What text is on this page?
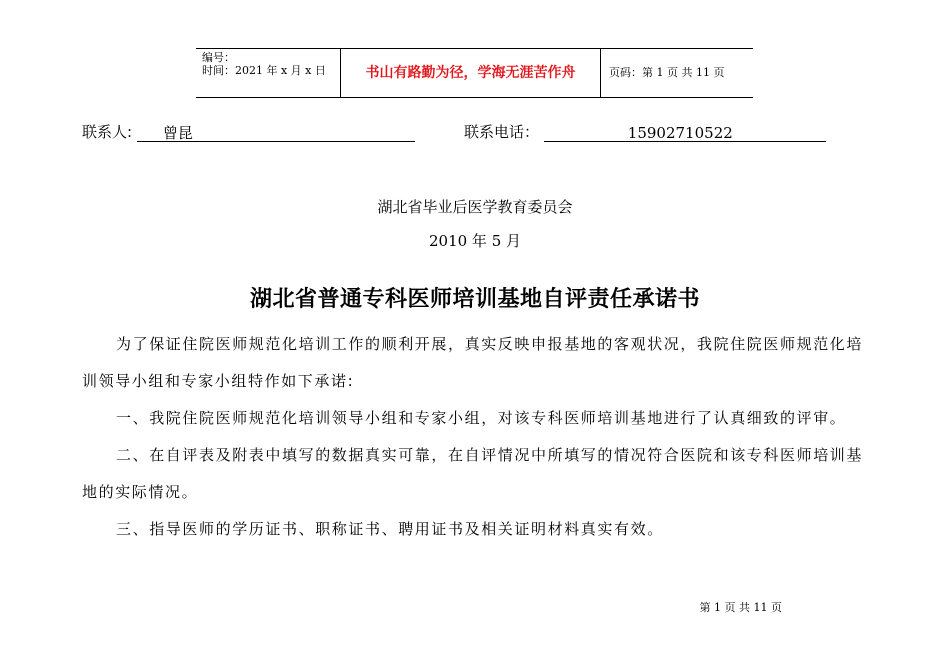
编号：
时间：2021 年 x 月 x 日	书山有路勤为径，学海无涯苦作舟	页码：第 1 页 共 11 页
联系人: 曾昆	联系电话：	15902710522
湖北省毕业后医学教育委员会
2010 年 5 月
湖北省普通专科医师培训基地自评责任承诺书

为了保证住院医师规范化培训工作的顺利开展，真实反映申报基地的客观状况，我院住院医师规范化培训领导小组和专家小组特作如下承诺:

一、我院住院医师规范化培训领导小组和专家小组，对该专科医师培训基地进行了认真细致的评审。

二、在自评表及附表中填写的数据真实可靠，在自评情况中所填写的情况符合医院和该专科医师培训基地的实际情况。

三、指导医师的学历证书、职称证书、聘用证书及相关证明材料真实有效。

第 1 页 共 11 页
